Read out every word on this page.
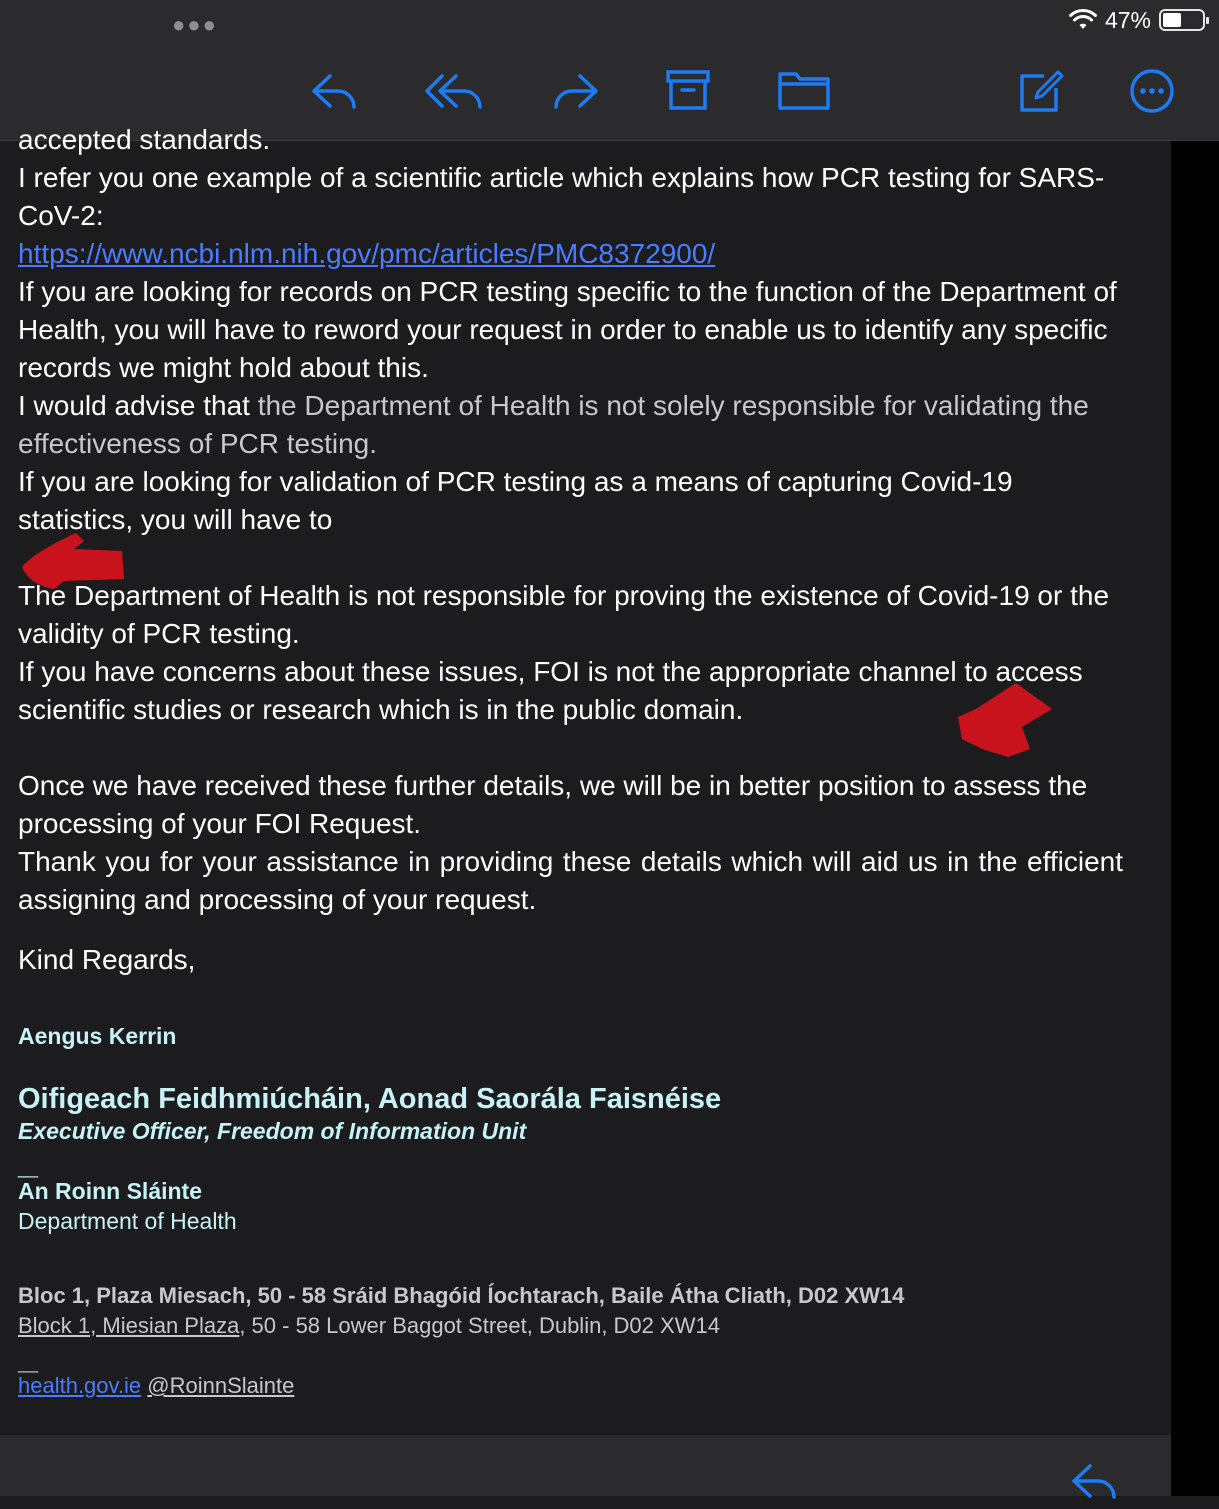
●●●	47%

accepted standards.

I refer you one example of a scientific article which explains how PCR testing for SARS-CoV-2:

https://www.ncbi.nlm.nih.gov/pmc/articles/PMC8372900/

If you are looking for records on PCR testing specific to the function of the Department of Health, you will have to reword your request in order to enable us to identify any specific records we might hold about this.

I would advise that the Department of Health is not solely responsible for validating the effectiveness of PCR testing.

If you are looking for validation of PCR testing as a means of capturing Covid-19 statistics, you will have to

The Department of Health is not responsible for proving the existence of Covid-19 or the validity of PCR testing.

If you have concerns about these issues, FOI is not the appropriate channel to access scientific studies or research which is in the public domain.

Once we have received these further details, we will be in better position to assess the processing of your FOI Request.

Thank you for your assistance in providing these details which will aid us in the efficient assigning and processing of your request.

Kind Regards,

Aengus Kerrin
Oifigeach Feidhmiúcháin, Aonad Saorála Faisnéise
Executive Officer, Freedom of Information Unit
__
An Roinn Sláinte
Department of Health
Bloc 1, Plaza Miesach, 50 - 58 Sráid Bhagóid Íochtarach, Baile Átha Cliath, D02 XW14
Block 1, Miesian Plaza, 50 - 58 Lower Baggot Street, Dublin, D02 XW14
__
health.gov.ie @RoinnSlainte
